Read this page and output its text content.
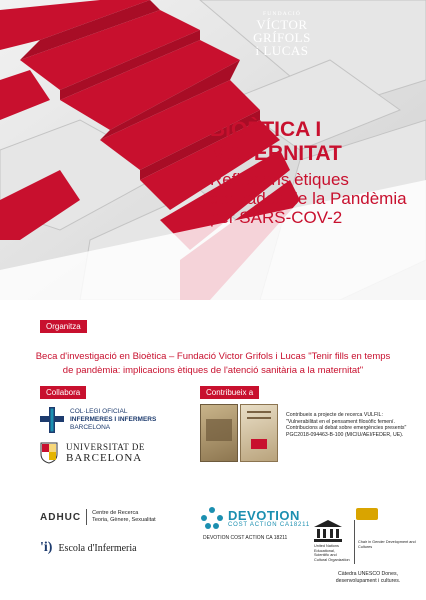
FUNDACIÓ
VÍCTOR
GRÍFOLS
i LUCAS
BIOÈTICA I
MATERNITAT
Reflexions ètiques derivades de la Pandèmia per SARS-COV-2
Organitza
Beca d'investigació en Bioètica – Fundació Victor Grifols i Lucas "Tenir fills en temps de pandèmia: implicacions ètiques de l'atenció sanitària a la maternitat"
Collabora	Contribueix a
COL·LEGI OFICIAL
INFERMERES I INFERMERS
BARCELONA
UNIVERSITAT DE
BARCELONA
ADHUC Centre de Recerca
Teoria, Gènere, Sexualitat
'i) Escola d'Infermeria
Contribueix a projecte de recerca VULFIL: "Vulnerabilitat en el pensament filosòfic femení. Contribucions al debat sobre emergències presents" PGC2018-094463-B-100 (MICIU/AEI/FEDER, UE).
DEVOTION
COST ACTION CA18211
DEVOTION COST ACTION CA 18211
United Nations Educational, Scientific and Cultural Organization
Chair in Gender Development and Cultures
Càtedra UNESCO Dones, desenvolupament i cultures.
